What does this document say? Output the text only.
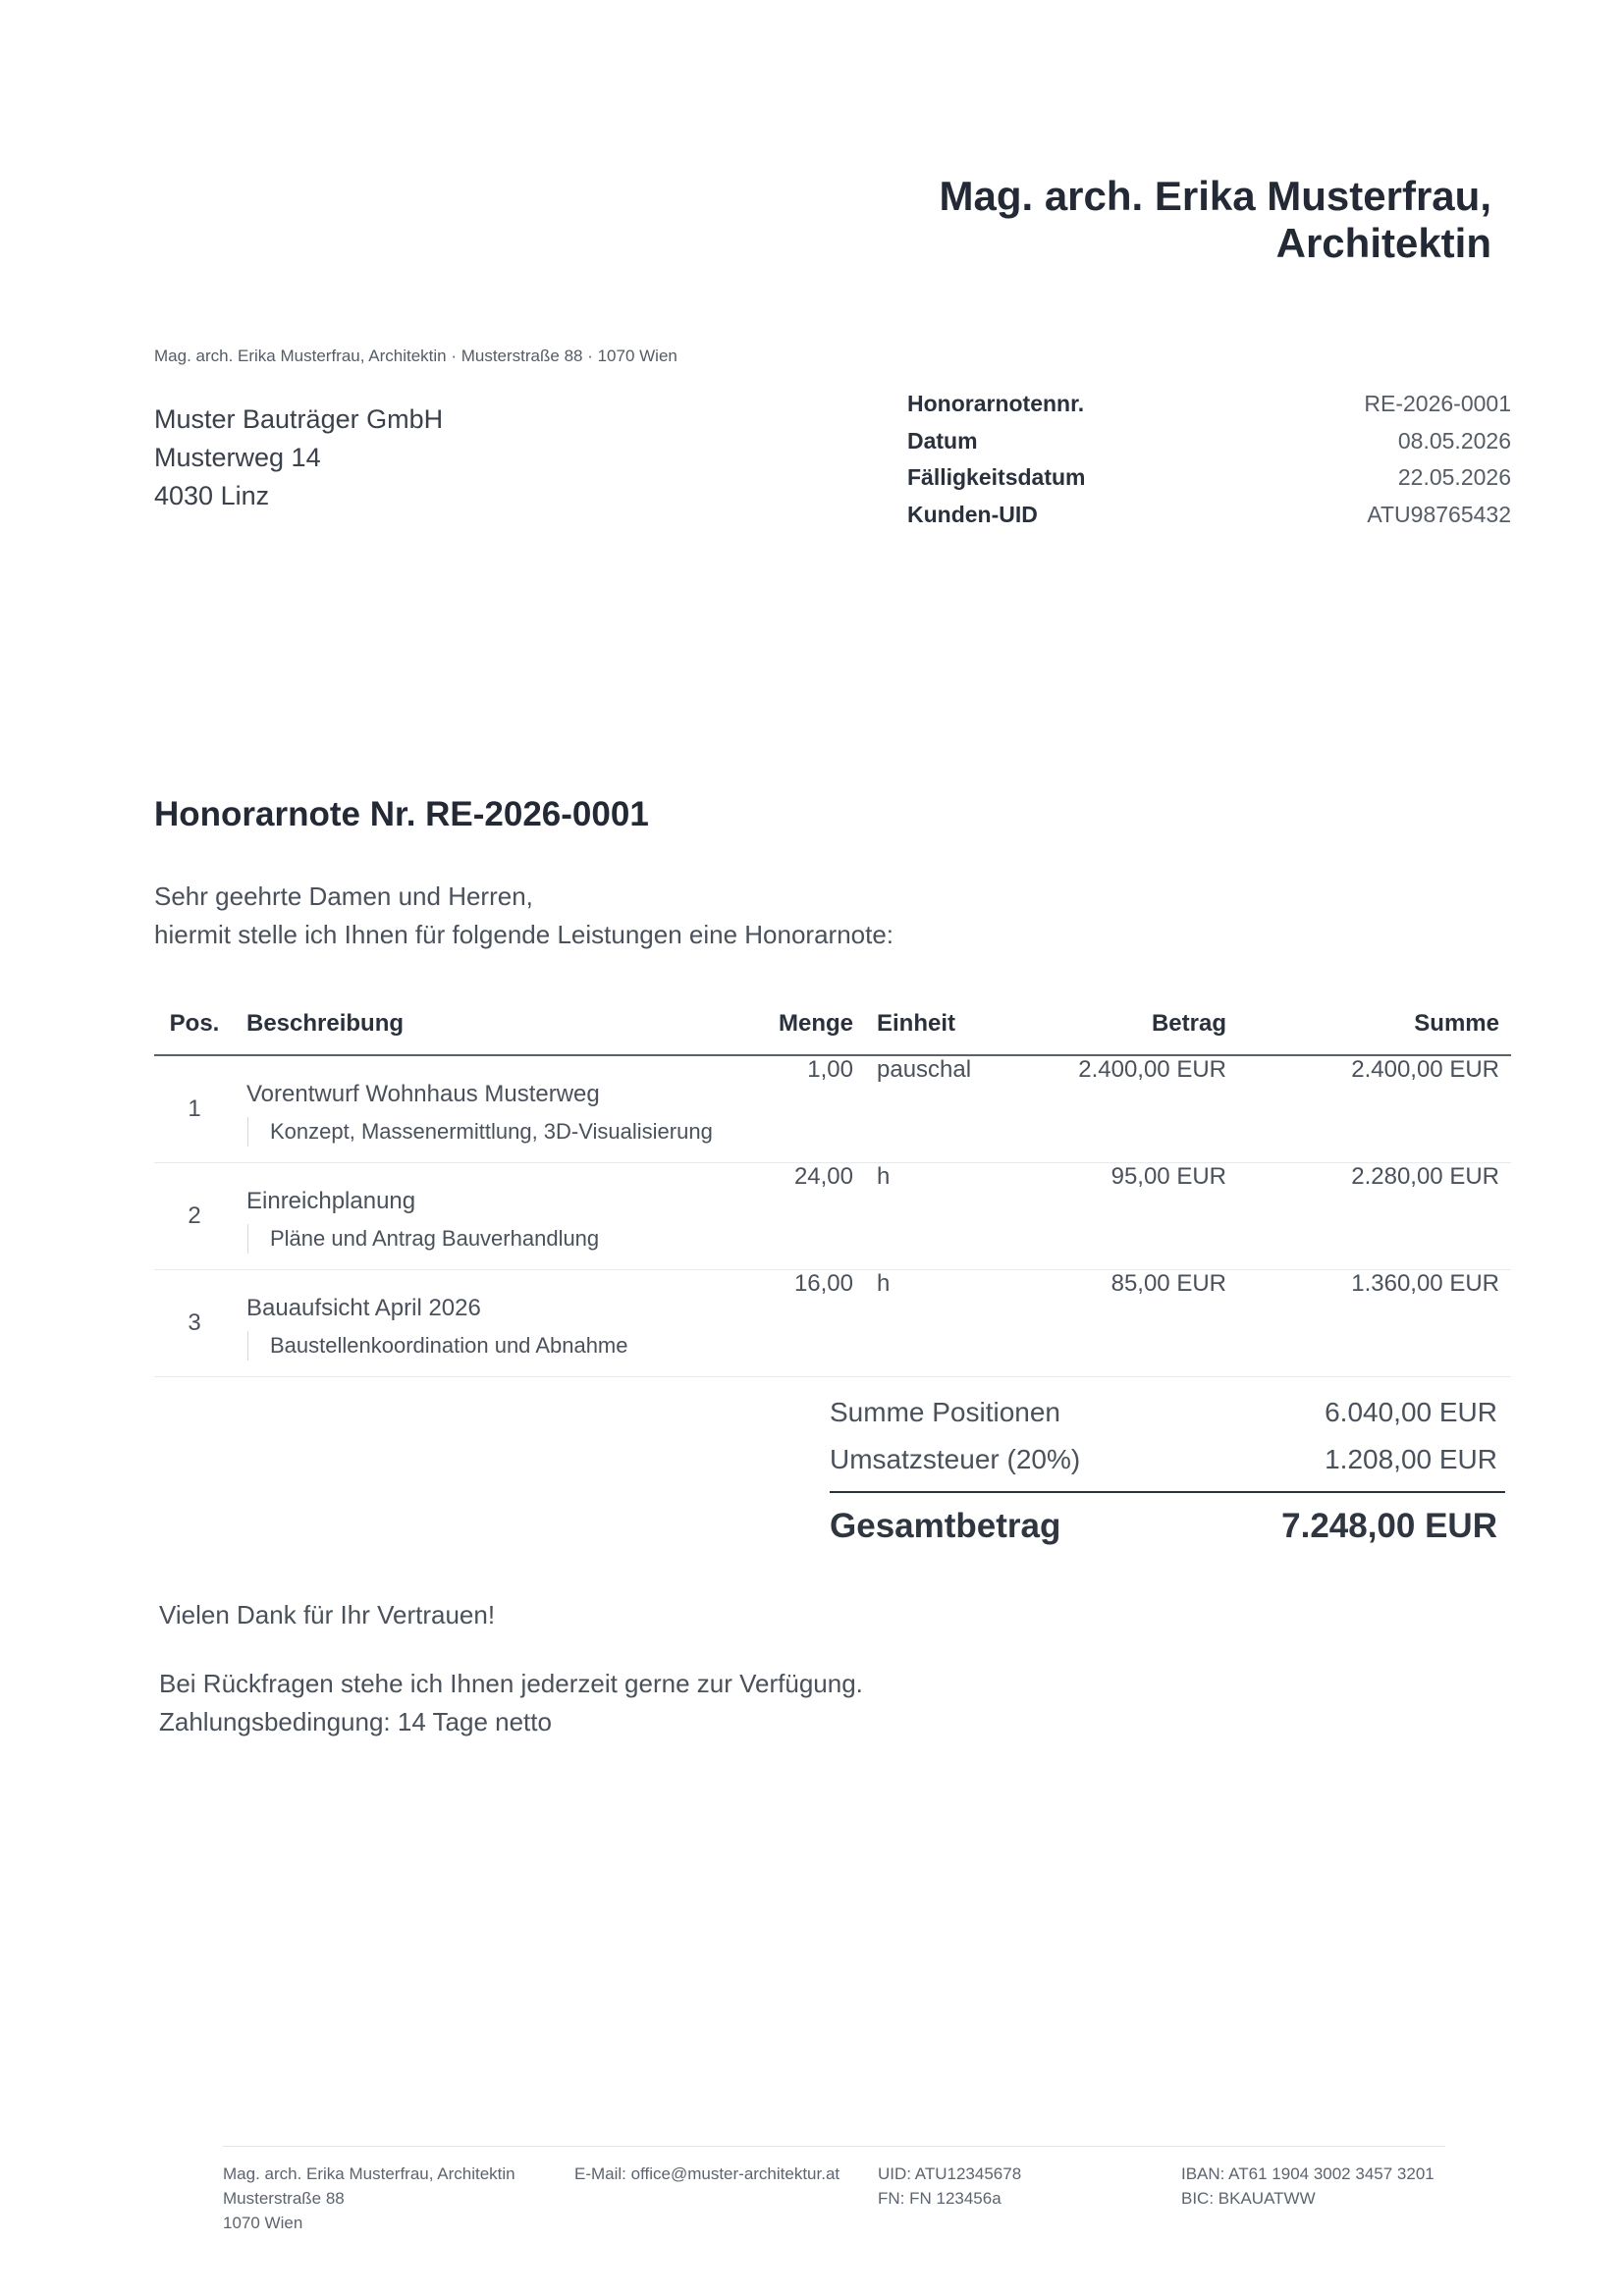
Mag. arch. Erika Musterfrau,
Architektin
Mag. arch. Erika Musterfrau, Architektin · Musterstraße 88 · 1070 Wien
Muster Bauträger GmbH
Musterweg 14
4030 Linz
Honorarnotennr.	RE-2026-0001
Datum	08.05.2026
Fälligkeitsdatum	22.05.2026
Kunden-UID	ATU98765432
Honorarnote Nr. RE-2026-0001
Sehr geehrte Damen und Herren,
hiermit stelle ich Ihnen für folgende Leistungen eine Honorarnote:
Pos.	Beschreibung	Menge	Einheit	Betrag	Summe
1	Vorentwurf Wohnhaus Musterweg
Konzept, Massenermittlung, 3D-Visualisierung	1,00	pauschal	2.400,00 EUR	2.400,00 EUR
2	Einreichplanung
Pläne und Antrag Bauverhandlung	24,00	h	95,00 EUR	2.280,00 EUR
3	Bauaufsicht April 2026
Baustellenkoordination und Abnahme	16,00	h	85,00 EUR	1.360,00 EUR
Summe Positionen	6.040,00 EUR
Umsatzsteuer (20%)	1.208,00 EUR
Gesamtbetrag	7.248,00 EUR
Vielen Dank für Ihr Vertrauen!
Bei Rückfragen stehe ich Ihnen jederzeit gerne zur Verfügung.
Zahlungsbedingung: 14 Tage netto
Mag. arch. Erika Musterfrau, Architektin
Musterstraße 88
1070 Wien
E-Mail: office@muster-architektur.at UID: ATU12345678
FN: FN 123456a
IBAN: AT61 1904 3002 3457 3201
BIC: BKAUATWW
